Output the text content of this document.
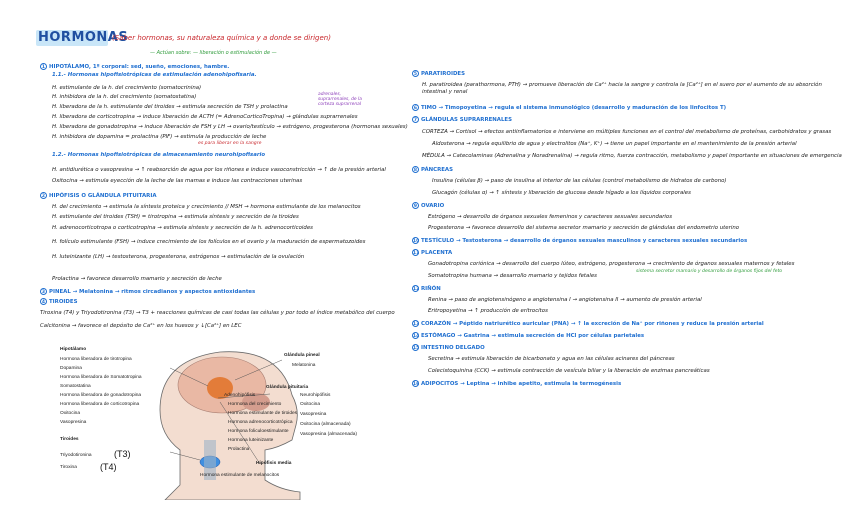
HORMONAS
(Saber hormonas, su naturaleza química y a donde se dirigen)
— Actúan sobre: — liberación o estimulación de —
1 HIPOTÁLAMO, 1º corporal: sed, sueño, emociones, hambre.
1.1.- Hormonas hipofisiotrópicas de estimulación adenohipofisaria.
H. estimulante de la h. del crecimiento (somatocrinina)
H. inhibidora de la h. del crecimiento (somatostatina)
H. liberadora de la h. estimulante del tiroides → estimula secreción de TSH y prolactina
H. liberadora de corticotropina → induce liberación de ACTH (= AdrenoCorticoTropina) → glándulas suprarrenales
H. liberadora de gonadotropina → induce liberación de FSH y LH → ovario/testículo → estrógeno, progesterona (hormonas sexuales)
H. inhibidora de dopamina = prolactina (PIF) → estimula la producción de leche
adrenales, suprarrenales, de la corteza suprarrenal
es para liberar en la sangre
1.2.- Hormonas hipofisiotrópicas de almacenamiento neurohipofisario
H. antidiurética o vasopresina → ↑ reabsorción de agua por los riñones e induce vasoconstricción → ↑ de la presión arterial
Oxitocina → estimula eyección de la leche de las mamas e induce las contracciones uterinas
2 HIPÓFISIS O GLÁNDULA PITUITARIA
H. del crecimiento → estimula la síntesis proteica y crecimiento // MSH → hormona estimulante de los melanocitos
H. estimulante del tiroides (TSH) = tirotropina → estimula síntesis y secreción de la tiroides
H. adrenocorticotropa o corticotropina → estimula síntesis y secreción de la h. adrenocorticoides
H. folículo estimulante (FSH) → induce crecimiento de los folículos en el ovario y la maduración de espermatozoides
H. luteinizante (LH) → testosterona, progesterona, estrógenos → estimulación de la ovulación
Prolactina → favorece desarrollo mamario y secreción de leche
3 PINEAL → Melatonina → ritmos circadianos y aspectos antioxidantes
4 TIROIDES
Tiroxina (T4) y Triyodotironina (T3) → T3 + reacciones químicas de casi todas las células y por todo el índice metabólico del cuerpo
Calcitonina → favorece el depósito de Ca²⁺ en los huesos y ↓[Ca²⁺] en LEC
Hipotálamo
Hormona liberadora de tirotropina
Dopamina
Hormona liberadora de Somatotropina
Somatostatina
Hormona liberadora de gonadotropina
Hormona liberadora de corticotropina
Oxitocina
Vasopresina
Tiroides
Triyodotironina
Tiroxina
(T3)
(T4)
Glándula pineal
Melatonina
Glándula pituitaria
Adenohipófisis	Neurohipófisis
Hormona del crecimiento
Hormona estimulante de tiroides
Hormona adrenocorticotrópica
Hormona foliculoestimulante
Hormona luteinizante
Prolactina
Oxitocina
Vasopresina
Oxitocina (almacenada)
Vasopresina (almacenada)
Hipófisis media
Hormona estimulante de melanocitos
5 PARATIROIDES
H. paratiroidea (parathormona, PTH) → promueve liberación de Ca²⁺ hacia la sangre y controla la [Ca²⁺] en el suero por el aumento de su absorción intestinal y renal
6 TIMO → Timopoyetina → regula el sistema inmunológico (desarrollo y maduración de los linfocitos T)
7 GLÁNDULAS SUPRARRENALES
CORTEZA → Cortisol → efectos antiinflamatorios e interviene en múltiples funciones en el control del metabolismo de proteínas, carbohidratos y grasas
Aldosterona → regula equilibrio de agua y electrolitos (Na⁺, K⁺) → tiene un papel importante en el mantenimiento de la presión arterial
MÉDULA → Catecolaminas (Adrenalina y Noradrenalina) → regula ritmo, fuerza contracción, metabolismo y papel importante en situaciones de emergencia
8 PÁNCREAS
Insulina (células β) → paso de insulina al interior de las células (control metabolismo de hidratos de carbono)
Glucagón (células α) → ↑ síntesis y liberación de glucosa desde hígado a los líquidos corporales
9 OVARIO
Estrógeno → desarrollo de órganos sexuales femeninos y caracteres sexuales secundarios
Progesterona → favorece desarrollo del sistema secretor mamario y secreción de glándulas del endometrio uterino
10 TESTÍCULO → Testosterona → desarrollo de órganos sexuales masculinos y caracteres sexuales secundarios
11 PLACENTA
Gonadotropina coriónica → desarrollo del cuerpo lúteo, estrógeno, progesterona → crecimiento de órganos sexuales maternos y fetales
sistema secretor mamario y desarrollo de órganos fijos del feto
Somatotropina humana → desarrollo mamario y tejidos fetales
12 RIÑÓN
Renina → paso de angiotensinógeno a angiotensina I → angiotensina II → aumento de presión arterial
Eritropoyetina → ↑ producción de eritrocitos
13 CORAZÓN → Péptido natriurético auricular (PNA) → ↑ la excreción de Na⁺ por riñones y reduce la presión arterial
14 ESTÓMAGO → Gastrina → estimula secreción de HCl por células parietales
15 INTESTINO DELGADO
Secretina → estimula liberación de bicarbonato y agua en las células acinares del páncreas
Colecistoquinina (CCK) → estimula contracción de vesícula biliar y la liberación de enzimas pancreáticas
16 ADIPOCITOS → Leptina → inhibe apetito, estimula la termogénesis
